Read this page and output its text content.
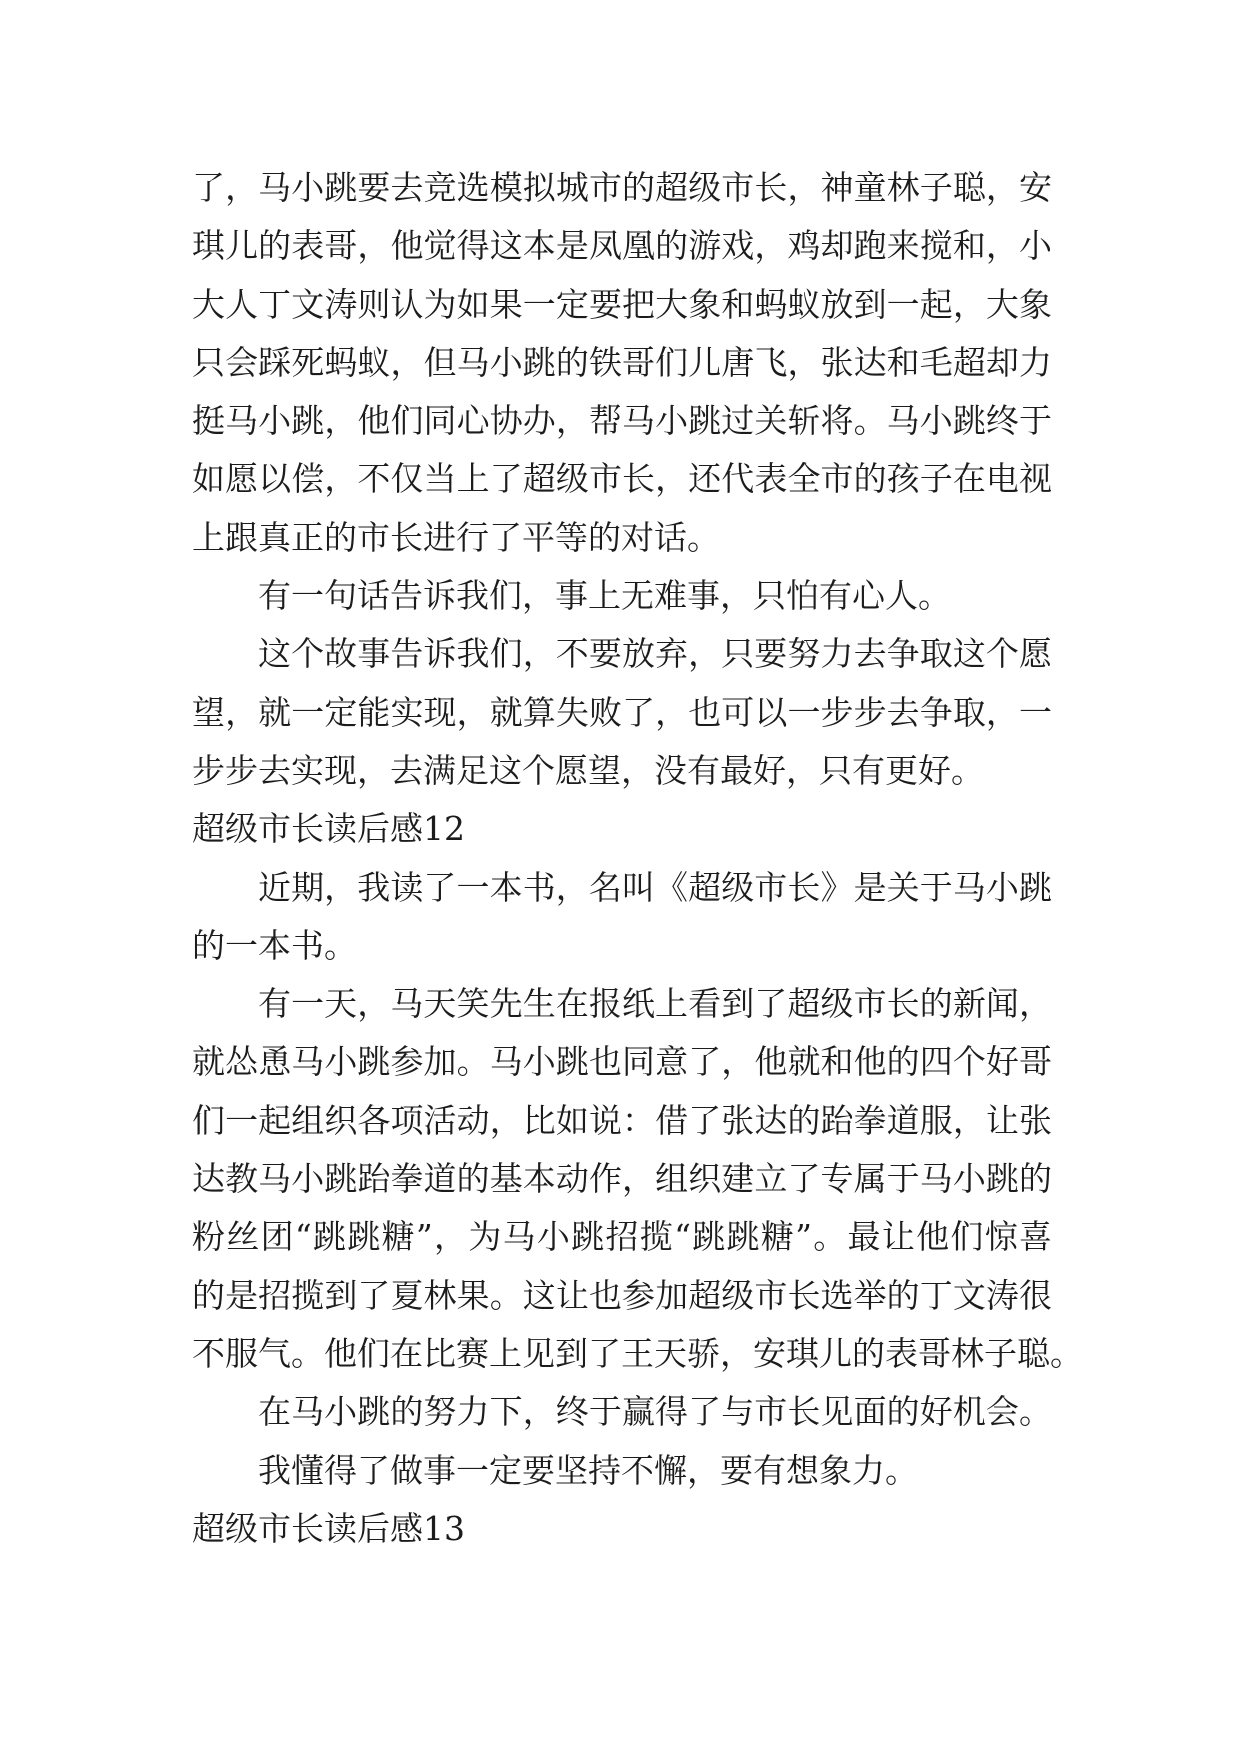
了，马小跳要去竞选模拟城市的超级市长，神童林子聪，安
琪儿的表哥，他觉得这本是凤凰的游戏，鸡却跑来搅和，小
大人丁文涛则认为如果一定要把大象和蚂蚁放到一起，大象
只会踩死蚂蚁，但马小跳的铁哥们儿唐飞，张达和毛超却力
挺马小跳，他们同心协办，帮马小跳过关斩将。马小跳终于
如愿以偿，不仅当上了超级市长，还代表全市的孩子在电视
上跟真正的市长进行了平等的对话。
有一句话告诉我们，事上无难事，只怕有心人。
这个故事告诉我们，不要放弃，只要努力去争取这个愿
望，就一定能实现，就算失败了，也可以一步步去争取，一
步步去实现，去满足这个愿望，没有最好，只有更好。
超级市长读后感12
近期，我读了一本书，名叫《超级市长》是关于马小跳
的一本书。
有一天，马天笑先生在报纸上看到了超级市长的新闻，
就怂恿马小跳参加。马小跳也同意了，他就和他的四个好哥
们一起组织各项活动，比如说：借了张达的跆拳道服，让张
达教马小跳跆拳道的基本动作，组织建立了专属于马小跳的
粉丝团“跳跳糖”，为马小跳招揽“跳跳糖”。最让他们惊喜
的是招揽到了夏林果。这让也参加超级市长选举的丁文涛很
不服气。他们在比赛上见到了王天骄，安琪儿的表哥林子聪。
在马小跳的努力下，终于赢得了与市长见面的好机会。
我懂得了做事一定要坚持不懈，要有想象力。
超级市长读后感13
